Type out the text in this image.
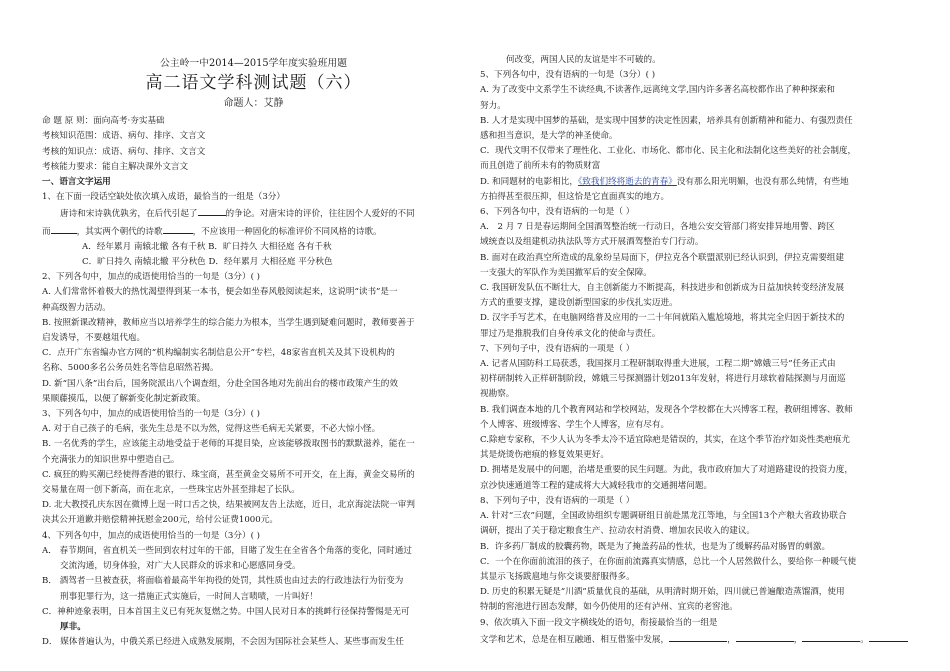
公主岭一中2014—2015学年度实验班用题
高二语文学科测试题（六）
命题人：艾静
命 题 原 则：面向高考·夯实基础
考核知识范围：成语、病句、排序、文言文
考核的知识点：成语、病句、排序、文言文
考核能力要求：能自主解决课外文言文
一、语言文字运用
1、在下面一段话空缺处依次填入成语，最恰当的一组是（3分）
唐诗和宋诗孰优孰劣，在后代引起了	的争论。对唐宋诗的评价，往往因个人爱好的不同
而	，其实两个朝代的诗歌	，不应该用一种固化的标准评价不同风格的诗歌。
A．经年累月 南辕北辙 各有千秋 B．旷日持久 大相径庭 各有千秋
C．旷日持久 南辕北辙 平分秋色 D．经年累月 大相径庭 平分秋色
2、下列各句中，加点的成语使用恰当的一句是（3分）( )
A. 人们常常怀着极大的热忱渴望得到某一本书，便会如坐春风般阅读起来，这说明“读书”是一
种高级智力活动。
B. 按照新课改精神，教师应当以培养学生的综合能力为根本，当学生遇到疑难问题时，教师要善于
启发诱导，不要越俎代庖。
C．点开广东省编办官方网的“机构编制实名制信息公开”专栏，48家省直机关及其下设机构的
名称、5000多名公务员姓名等信息昭然若揭。
D. 新“国八条”出台后，国务院派出八个调查组，分赴全国各地对先前出台的楼市政策产生的效
果顺藤摸瓜，以便了解新变化制定新政策。
3、下列各句中，加点的成语使用恰当的一句是（3分）( )
A. 对于自己孩子的毛病，张先生总是不以为然，觉得这些毛病无关紧要，不必大惊小怪。
B. 一名优秀的学生，应该能主动地受益于老师的耳提目染，应该能够拨取图书的默默滋养，能在一
个充满张力的知识世界中塑造自己。
C. 疯狂的购买潮已经使得香港的银行、珠宝商，甚至黄金交易所不可开交，在上海，黄金交易所的
交易量在周一创下新高，而在北京，一些珠宝店外甚至排起了长队。
D. 北大教授孔庆东因在微博上逞一时口舌之快，结果被网友告上法庭，近日，北京海淀法院一审判
决其公开道歉并赔偿精神抚慰金200元，给付公证费1000元。
4、下列各句中，加点的成语使用恰当的一句是（3分）( )
A． 春节期间，省直机关一些回到农村过年的干部，目睹了发生在全省各个角落的变化，同时通过
交流沟通，切身体验，对广大人民群众的诉求和心愿感同身受。
B． 酒驾者一旦被查获，将面临着最高半年拘役的处罚，其性质也由过去的行政违法行为衍变为
刑事犯罪行为，这一措施正式实施后，一时间人言啧啧，一片叫好！
C．神种迹象表明，日本首国主义已有死灰复燃之势。中国人民对日本的挑衅行径保持警惕是无可
厚非。
D． 媒体普遍认为，中俄关系已经进入成熟发展期，不会因为国际社会某些人、某些事而发生任
何改变，两国人民的友谊是牢不可破的。
5、下列各句中，没有语病的一句是（3分）( )
A. 为了改变中文系学生不读经典,不读著作,远离纯文学,国内许多著名高校都作出了种种探索和
努力。
B. 人才是实现中国梦的基础，是实现中国梦的决定性因素，培养具有创新精神和能力、有强烈责任
感和担当意识，是大学的神圣使命。
C．现代文明不仅带来了理性化、工业化、市场化、都市化、民主化和法制化这些美好的社会制度，
而且创造了前所未有的物质财富
D. 和同题材的电影相比，《致我们终将逝去的青春》没有那么阳光明媚，也没有那么纯情，有些地
方拍得甚至很压抑，但这恰是它直面真实的地方。
6、下列各句中，没有语病的一句是（ ）
A． 2 月 7 日是春运期间全国酒驾整治统一行动日，各地公安交管部门将安排异地用警、跨区
域统查以及组建机动执法队等方式开展酒驾整治专门行动。
B. 面对在政治真空所造成的乱象纷呈局面下，伊拉克各个联盟派别已经认识到，伊拉克需要组建
一支强大的军队作为美国撤军后的安全保障。
C. 我国研发队伍不断壮大，自主创新能力不断提高，科技进步和创新成为日益加快转变经济发展
方式的重要支撑，建设创新型国家的步伐扎实迈进。
D. 汉字手写艺术，在电脑网络普及应用的一二十年间就陷入尴尬境地，将其完全归因于新技术的
罪过乃是推脱我们自身传承文化的使命与责任。
7、下列句子中，没有语病的一项是（ ）
A. 记者从国防科工局获悉，我国探月工程研制取得重大进展，工程二期“嫦娥三号”任务正式由
初样研制转入正样研制阶段，嫦娥三号探测器计划2013年发射，将进行月球软着陆探测与月面巡
视勘察。
B. 我们调查本地的几个教育网站和学校网站，发现各个学校都在大兴博客工程，教研组博客、教师
个人博客、班级博客、学生个人博客，应有尽有。
C.除疤专家称，不少人认为冬季太冷不适宜除疤是错误的，其实，在这个季节治疗如炎性类疤痕尤
其是烧烫伤疤痕的修复效果更好。
D. 拥堵是发展中的问题，治堵是重要的民生问题。为此，我市政府加大了对道路建设的投资力度，
京沙快速通道等工程的建成将大大减轻我市的交通拥堵问题。
8、下列句子中，没有语病的一项是（ ）
A. 针对“三农”问题，全国政协组织专题调研组日前赴黑龙江等地，与全国13个产粮大省政协联合
调研，提出了关于稳定粮食生产、拉动农村消费、增加农民收入的建议。
B．许多药厂制成的胶囊药物，既是为了掩盖药品的性状，也是为了缓解药品对肠胃的刺激。
C．一个在你面前流泪的孩子，在你面前流露真实情感，总比一个人居然做什么，要给你一种暖气使
其显示飞扬跋扈地与你交谈要舒服得多。
D. 历史的积累无疑是“川酒”质量优良的基础，从明清时期开始，四川就已普遍酿造蒸馏酒，使用
特制的窖池进行固态发酵，如今仍使用的还有泸州、宜宾的老窖池。
9、依次填入下面一段文字横线处的语句，衔接最恰当的一组是
文学和艺术，总是在相互融通、相互借鉴中发展，	，	，	。
